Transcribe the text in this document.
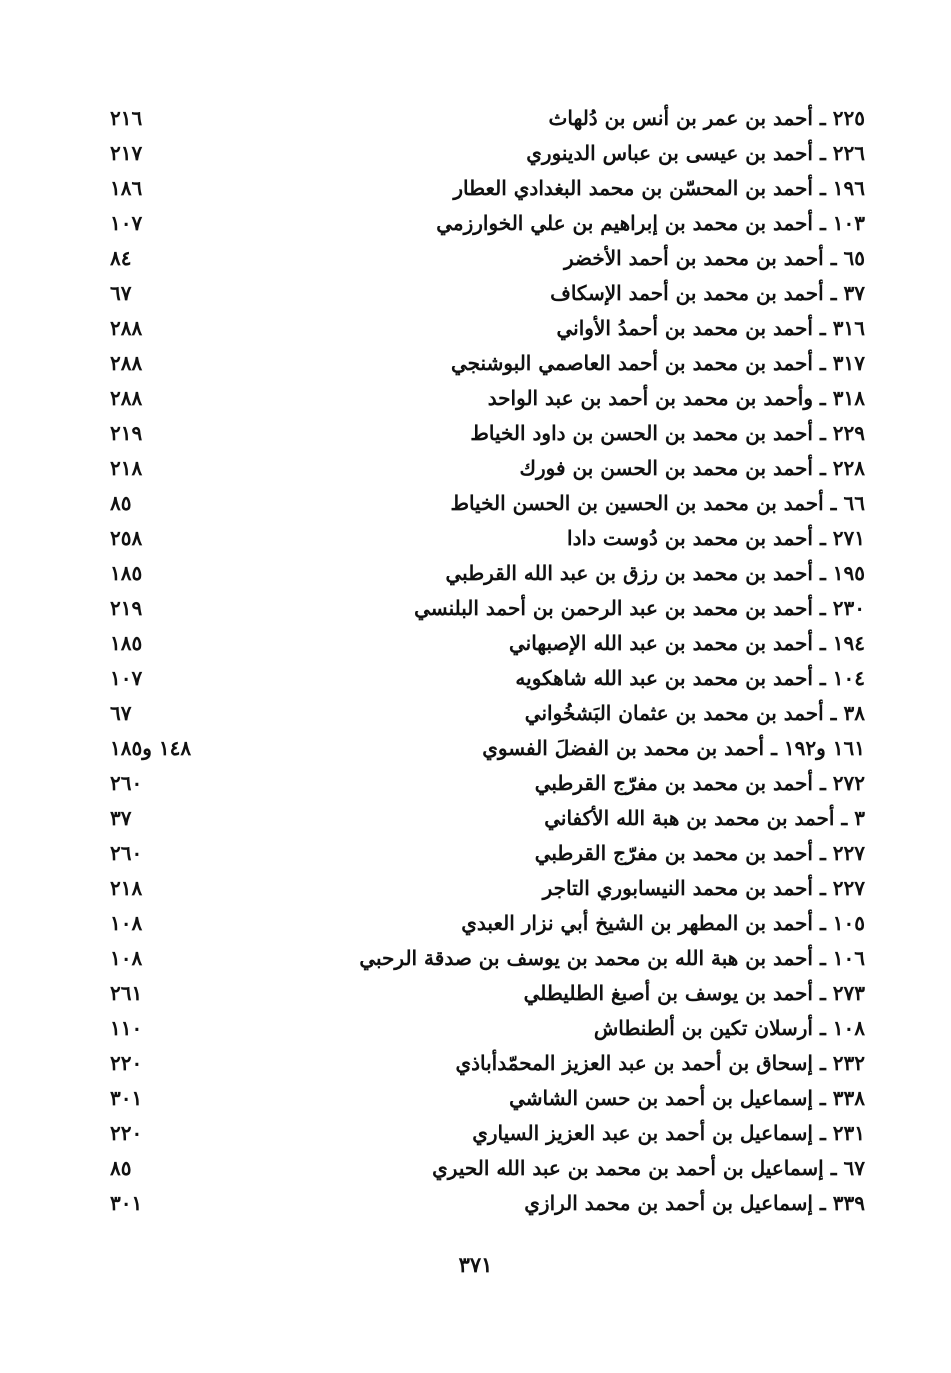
٢٢٥ ـ أحمد بن عمر بن أنس بن دُلهاث
٢١٦
٢٢٦ ـ أحمد بن عيسى بن عباس الدينوري
٢١٧
١٩٦ ـ أحمد بن المحسّن بن محمد البغدادي العطار
١٨٦
١٠٣ ـ أحمد بن محمد بن إبراهيم بن علي الخوارزمي
١٠٧
٦٥ ـ أحمد بن محمد بن أحمد الأخضر
٨٤
٣٧ ـ أحمد بن محمد بن أحمد الإسكاف
٦٧
٣١٦ ـ أحمد بن محمد بن أحمدُ الأواني
٢٨٨
٣١٧ ـ أحمد بن محمد بن أحمد العاصمي البوشنجي
٢٨٨
٣١٨ ـ وأحمد بن محمد بن أحمد بن عبد الواحد
٢٨٨
٢٢٩ ـ أحمد بن محمد بن الحسن بن داود الخياط
٢١٩
٢٢٨ ـ أحمد بن محمد بن الحسن بن فورك
٢١٨
٦٦ ـ أحمد بن محمد بن الحسين بن الحسن الخياط
٨٥
٢٧١ ـ أحمد بن محمد بن دُوست دادا
٢٥٨
١٩٥ ـ أحمد بن محمد بن رزق بن عبد الله القرطبي
١٨٥
٢٣٠ ـ أحمد بن محمد بن عبد الرحمن بن أحمد البلنسي
٢١٩
١٩٤ ـ أحمد بن محمد بن عبد الله الإصبهاني
١٨٥
١٠٤ ـ أحمد بن محمد بن عبد الله شاهكويه
١٠٧
٣٨ ـ أحمد بن محمد بن عثمان البَشخُواني
٦٧
١٦١ و١٩٢ ـ أحمد بن محمد بن الفضلَ الفسوي
١٤٨ و١٨٥
٢٧٢ ـ أحمد بن محمد بن مفرّج القرطبي
٢٦٠
٣ ـ أحمد بن محمد بن هبة الله الأكفاني
٣٧
٢٢٧ ـ أحمد بن محمد بن مفرّج القرطبي
٢٦٠
٢٢٧ ـ أحمد بن محمد النيسابوري التاجر
٢١٨
١٠٥ ـ أحمد بن المطهر بن الشيخ أبي نزار العبدي
١٠٨
١٠٦ ـ أحمد بن هبة الله بن محمد بن يوسف بن صدقة الرحبي
١٠٨
٢٧٣ ـ أحمد بن يوسف بن أصبغ الطليطلي
٢٦١
١٠٨ ـ أرسلان تكين بن ألطنطاش
١١٠
٢٣٢ ـ إسحاق بن أحمد بن عبد العزيز المحمّدأباذي
٢٢٠
٣٣٨ ـ إسماعيل بن أحمد بن حسن الشاشي
٣٠١
٢٣١ ـ إسماعيل بن أحمد بن عبد العزيز السياري
٢٢٠
٦٧ ـ إسماعيل بن أحمد بن محمد بن عبد الله الحيري
٨٥
٣٣٩ ـ إسماعيل بن أحمد بن محمد الرازي
٣٠١
٣٧١
